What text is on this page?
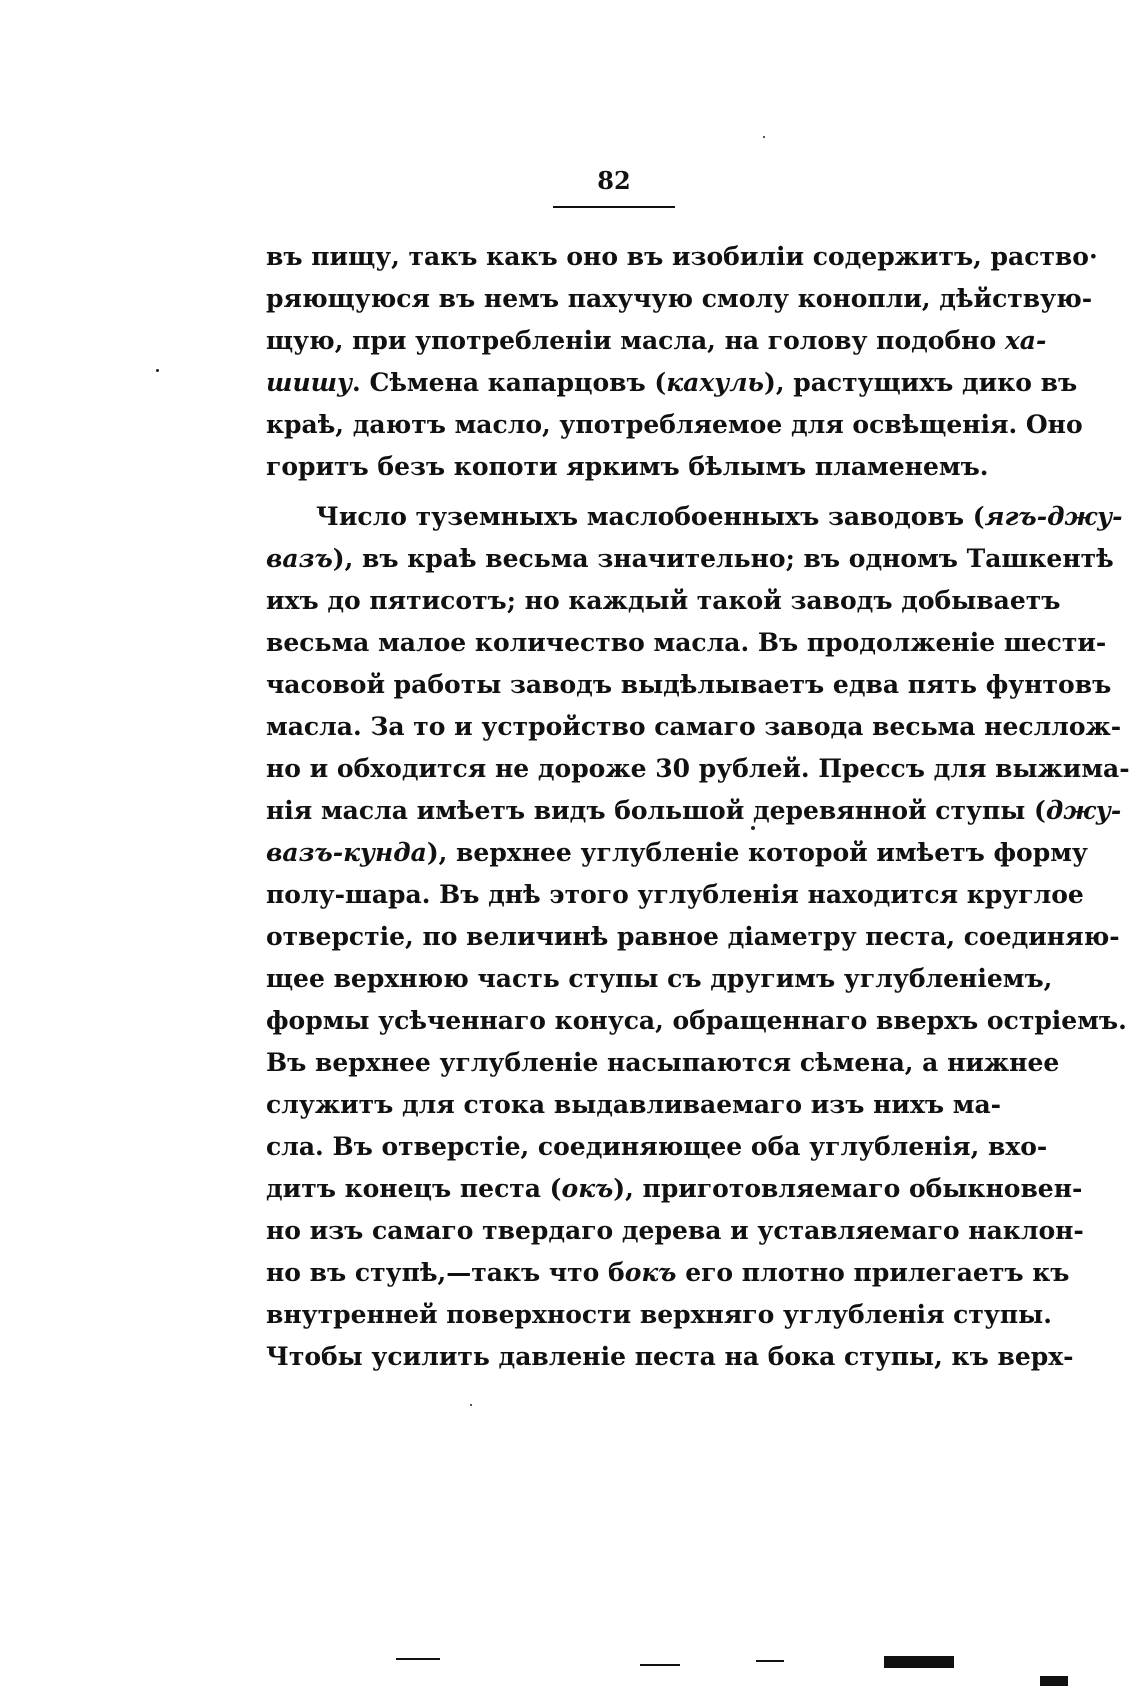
82
въ пищу, такъ какъ оно въ изобиліи содержитъ, раство·
ряющуюся въ немъ пахучую смолу конопли, дѣйствую-
щую, при употребленіи масла, на голову подобно ха-
шишу. Сѣмена капарцовъ (кахуль), растущихъ дико въ
краѣ, даютъ масло, употребляемое для освѣщенія. Оно
горитъ безъ копоти яркимъ бѣлымъ пламенемъ.
Число туземныхъ маслобоенныхъ заводовъ (ягъ-джу-
вазъ), въ краѣ весьма значительно; въ одномъ Ташкентѣ
ихъ до пятисотъ; но каждый такой заводъ добываетъ
весьма малое количество масла. Въ продолженіе шести-
часовой работы заводъ выдѣлываетъ едва пять фунтовъ
масла. За то и устройство самаго завода весьма несллож-
но и обходится не дороже 30 рублей. Прессъ для выжима-
нія масла имѣетъ видъ большой деревянной ступы (джу-
вазъ-кунда), верхнее углубленіе которой имѣетъ форму
полу-шара. Въ днѣ этого углубленія находится круглое
отверстіе, по величинѣ равное діаметру песта, соединяю-
щее верхнюю часть ступы съ другимъ углубленіемъ,
формы усѣченнаго конуса, обращеннаго вверхъ остріемъ.
Въ верхнее углубленіе насыпаются сѣмена, а нижнее
служитъ для стока выдавливаемаго изъ нихъ ма-
сла. Въ отверстіе, соединяющее оба углубленія, вхо-
дитъ конецъ песта (окъ), приготовляемаго обыкновен-
но изъ самаго твердаго дерева и уставляемаго наклон-
но въ ступѣ,—такъ что бокъ его плотно прилегаетъ къ
внутренней поверхности верхняго углубленія ступы.
Чтобы усилить давленіе песта на бока ступы, къ верх-
